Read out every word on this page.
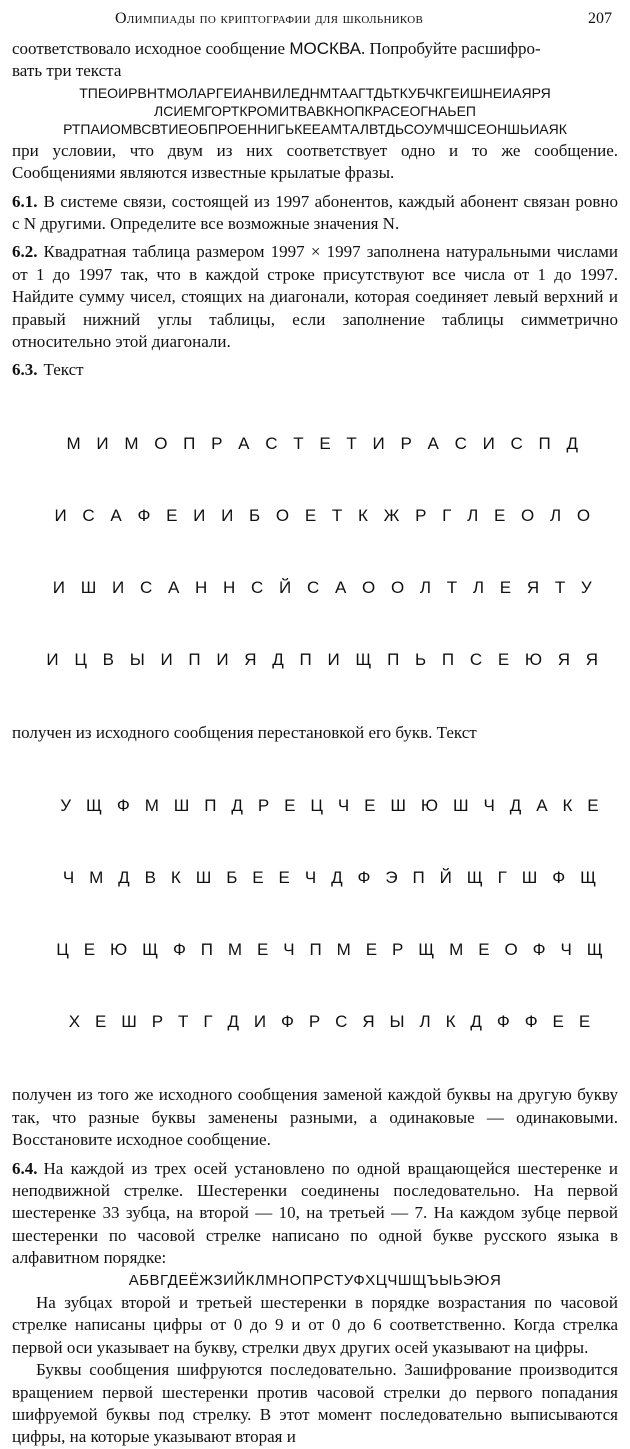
Олимпиады по криптографии для школьников	207

соответствовало исходное сообщение МОСКВА. Попробуйте расшифро-

вать три текста

ТПЕОИРВНТМОЛАРГЕИАНВИЛЕДНМТААГТДЬТКУБЧКГЕИШНЕИАЯРЯ
ЛСИЕМГОРТКРОМИТВАВКНОПКРАСЕОГНАЬЕП
РТПАИОМВСВТИЕОБПРОЕННИГЬКЕЕАМТАЛВТДЬСОУМЧШСЕОНШЬИАЯК

при условии, что двум из них соответствует одно и то же сообщение. Сообщениями являются известные крылатые фразы.

6.1. В системе связи, состоящей из 1997 абонентов, каждый абонент связан ровно с N другими. Определите все возможные значения N.

6.2. Квадратная таблица размером 1997 × 1997 заполнена натуральными числами от 1 до 1997 так, что в каждой строке присутствуют все числа от 1 до 1997. Найдите сумму чисел, стоящих на диагонали, которая соединяет левый верхний и правый нижний углы таблицы, если заполнение таблицы симметрично относительно этой диагонали.

6.3. Текст

М И М О П Р А С Т Е Т И Р А С И С П Д

И С А Ф Е И И Б О Е Т К Ж Р Г Л Е О Л О

И Ш И С А Н Н С Й С А О О Л Т Л Е Я Т У

И Ц В Ы И П И Я Д П И Щ П Ь П С Е Ю Я Я

получен из исходного сообщения перестановкой его букв. Текст

У Щ Ф М Ш П Д Р Е Ц Ч Е Ш Ю Ш Ч Д А К Е

Ч М Д В К Ш Б Е Е Ч Д Ф Э П Й Щ Г Ш Ф Щ

Ц Е Ю Щ Ф П М Е Ч П М Е Р Щ М Е О Ф Ч Щ

Х Е Ш Р Т Г Д И Ф Р С Я Ы Л К Д Ф Ф Е Е

получен из того же исходного сообщения заменой каждой буквы на другую букву так, что разные буквы заменены разными, а одинаковые — одинаковыми. Восстановите исходное сообщение.

6.4. На каждой из трех осей установлено по одной вращающейся шестеренке и неподвижной стрелке. Шестеренки соединены последовательно. На первой шестеренке 33 зубца, на второй — 10, на третьей — 7. На каждом зубце первой шестеренки по часовой стрелке написано по одной букве русского языка в алфавитном порядке:

АБВГДЕЁЖЗИЙКЛМНОПРСТУФХЦЧШЩЪЫЬЭЮЯ

На зубцах второй и третьей шестеренки в порядке возрастания по часовой стрелке написаны цифры от 0 до 9 и от 0 до 6 соответственно. Когда стрелка первой оси указывает на букву, стрелки двух других осей указывают на цифры.

Буквы сообщения шифруются последовательно. Зашифрование производится вращением первой шестеренки против часовой стрелки до первого попадания шифруемой буквы под стрелку. В этот момент последовательно выписываются цифры, на которые указывают вторая и
